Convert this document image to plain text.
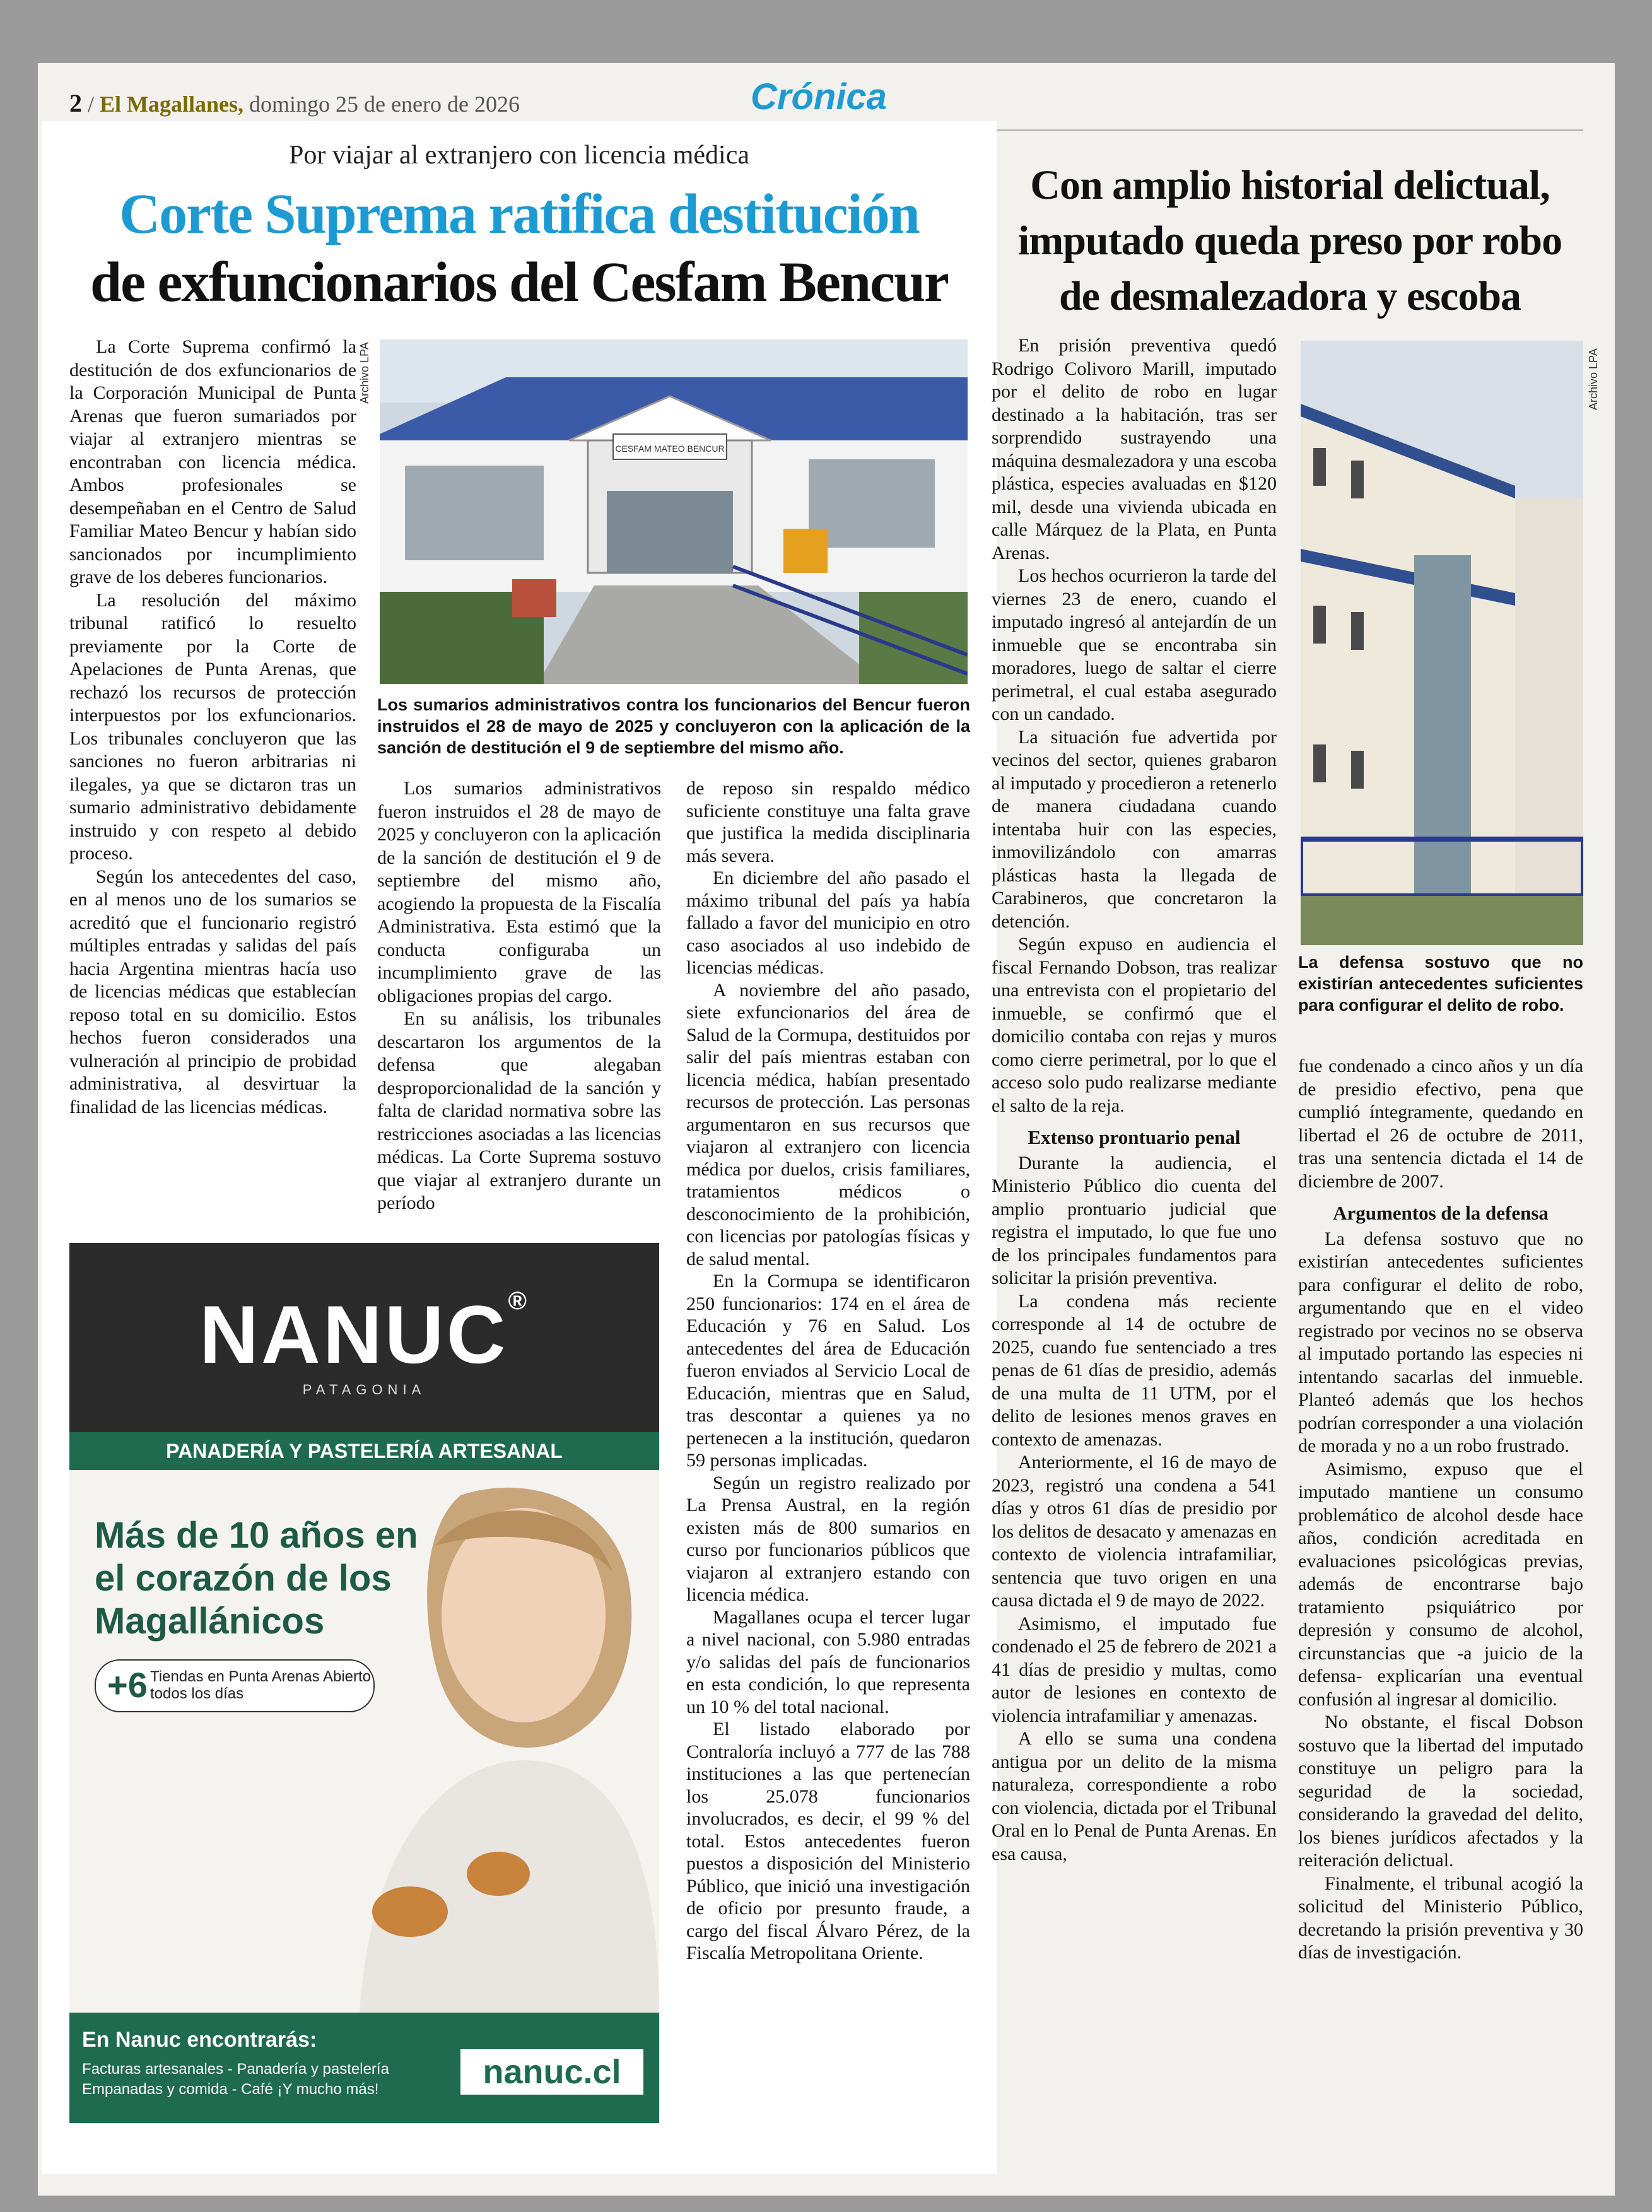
2 / El Magallanes, domingo 25 de enero de 2026	Crónica
Por viajar al extranjero con licencia médica
Corte Suprema ratifica destitución
de exfuncionarios del Cesfam Bencur

La Corte Suprema confirmó la destitución de dos exfuncionarios de la Corporación Municipal de Punta Arenas que fueron sumariados por viajar al extranjero mientras se encontraban con licencia médica. Ambos profesionales se desempeñaban en el Centro de Salud Familiar Mateo Bencur y habían sido sancionados por incumplimiento grave de los deberes funcionarios.

La resolución del máximo tribunal ratificó lo resuelto previamente por la Corte de Apelaciones de Punta Arenas, que rechazó los recursos de protección interpuestos por los exfuncionarios. Los tribunales concluyeron que las sanciones no fueron arbitrarias ni ilegales, ya que se dictaron tras un sumario administrativo debidamente instruido y con respeto al debido proceso.

Según los antecedentes del caso, en al menos uno de los sumarios se acreditó que el funcionario registró múltiples entradas y salidas del país hacia Argentina mientras hacía uso de licencias médicas que establecían reposo total en su domicilio. Estos hechos fueron considerados una vulneración al principio de probidad administrativa, al desvirtuar la finalidad de las licencias médicas.

Archivo LPA
CESFAM MATEO BENCUR
Los sumarios administrativos contra los funcionarios del Bencur fueron instruidos el 28 de mayo de 2025 y concluyeron con la aplicación de la sanción de destitución el 9 de septiembre del mismo año.

Los sumarios administrativos fueron instruidos el 28 de mayo de 2025 y concluyeron con la aplicación de la sanción de destitución el 9 de septiembre del mismo año, acogiendo la propuesta de la Fiscalía Administrativa. Esta estimó que la conducta configuraba un incumplimiento grave de las obligaciones propias del cargo.

En su análisis, los tribunales descartaron los argumentos de la defensa que alegaban desproporcionalidad de la sanción y falta de claridad normativa sobre las restricciones asociadas a las licencias médicas. La Corte Suprema sostuvo que viajar al extranjero durante un período

de reposo sin respaldo médico suficiente constituye una falta grave que justifica la medida disciplinaria más severa.

En diciembre del año pasado el máximo tribunal del país ya había fallado a favor del municipio en otro caso asociados al uso indebido de licencias médicas.

A noviembre del año pasado, siete exfuncionarios del área de Salud de la Cormupa, destituidos por salir del país mientras estaban con licencia médica, habían presentado recursos de protección. Las personas argumentaron en sus recursos que viajaron al extranjero con licencia médica por duelos, crisis familiares, tratamientos médicos o desconocimiento de la prohibición, con licencias por patologías físicas y de salud mental.

En la Cormupa se identificaron 250 funcionarios: 174 en el área de Educación y 76 en Salud. Los antecedentes del área de Educación fueron enviados al Servicio Local de Educación, mientras que en Salud, tras descontar a quienes ya no pertenecen a la institución, quedaron 59 personas implicadas.

Según un registro realizado por La Prensa Austral, en la región existen más de 800 sumarios en curso por funcionarios públicos que viajaron al extranjero estando con licencia médica.

Magallanes ocupa el tercer lugar a nivel nacional, con 5.980 entradas y/o salidas del país de funcionarios en esta condición, lo que representa un 10 % del total nacional.

El listado elaborado por Contraloría incluyó a 777 de las 788 instituciones a las que pertenecían los 25.078 funcionarios involucrados, es decir, el 99 % del total. Estos antecedentes fueron puestos a disposición del Ministerio Público, que inició una investigación de oficio por presunto fraude, a cargo del fiscal Álvaro Pérez, de la Fiscalía Metropolitana Oriente.

NANUC®
PATAGONIA
PANADERÍA Y PASTELERÍA ARTESANAL
Más de 10 años en el corazón de los Magallánicos
+6 Tiendas en Punta Arenas Abierto todos los días
En Nanuc encontrarás:
Facturas artesanales - Panadería y pastelería
Empanadas y comida - Café ¡Y mucho más!	nanuc.cl
Con amplio historial delictual, imputado queda preso por robo de desmalezadora y escoba

En prisión preventiva quedó Rodrigo Colivoro Marill, imputado por el delito de robo en lugar destinado a la habitación, tras ser sorprendido sustrayendo una máquina desmalezadora y una escoba plástica, especies avaluadas en $120 mil, desde una vivienda ubicada en calle Márquez de la Plata, en Punta Arenas.

Los hechos ocurrieron la tarde del viernes 23 de enero, cuando el imputado ingresó al antejardín de un inmueble que se encontraba sin moradores, luego de saltar el cierre perimetral, el cual estaba asegurado con un candado.

La situación fue advertida por vecinos del sector, quienes grabaron al imputado y procedieron a retenerlo de manera ciudadana cuando intentaba huir con las especies, inmovilizándolo con amarras plásticas hasta la llegada de Carabineros, que concretaron la detención.

Según expuso en audiencia el fiscal Fernando Dobson, tras realizar una entrevista con el propietario del inmueble, se confirmó que el domicilio contaba con rejas y muros como cierre perimetral, por lo que el acceso solo pudo realizarse mediante el salto de la reja.

Extenso prontuario penal

Durante la audiencia, el Ministerio Público dio cuenta del amplio prontuario judicial que registra el imputado, lo que fue uno de los principales fundamentos para solicitar la prisión preventiva.

La condena más reciente corresponde al 14 de octubre de 2025, cuando fue sentenciado a tres penas de 61 días de presidio, además de una multa de 11 UTM, por el delito de lesiones menos graves en contexto de amenazas.

Anteriormente, el 16 de mayo de 2023, registró una condena a 541 días y otros 61 días de presidio por los delitos de desacato y amenazas en contexto de violencia intrafamiliar, sentencia que tuvo origen en una causa dictada el 9 de mayo de 2022.

Asimismo, el imputado fue condenado el 25 de febrero de 2021 a 41 días de presidio y multas, como autor de lesiones en contexto de violencia intrafamiliar y amenazas.

A ello se suma una condena antigua por un delito de la misma naturaleza, correspondiente a robo con violencia, dictada por el Tribunal Oral en lo Penal de Punta Arenas. En esa causa,

Archivo LPA
La defensa sostuvo que no existirían antecedentes suficientes para configurar el delito de robo.

fue condenado a cinco años y un día de presidio efectivo, pena que cumplió íntegramente, quedando en libertad el 26 de octubre de 2011, tras una sentencia dictada el 14 de diciembre de 2007.

Argumentos de la defensa

La defensa sostuvo que no existirían antecedentes suficientes para configurar el delito de robo, argumentando que en el video registrado por vecinos no se observa al imputado portando las especies ni intentando sacarlas del inmueble. Planteó además que los hechos podrían corresponder a una violación de morada y no a un robo frustrado.

Asimismo, expuso que el imputado mantiene un consumo problemático de alcohol desde hace años, condición acreditada en evaluaciones psicológicas previas, además de encontrarse bajo tratamiento psiquiátrico por depresión y consumo de alcohol, circunstancias que -a juicio de la defensa- explicarían una eventual confusión al ingresar al domicilio.

No obstante, el fiscal Dobson sostuvo que la libertad del imputado constituye un peligro para la seguridad de la sociedad, considerando la gravedad del delito, los bienes jurídicos afectados y la reiteración delictual.

Finalmente, el tribunal acogió la solicitud del Ministerio Público, decretando la prisión preventiva y 30 días de investigación.
